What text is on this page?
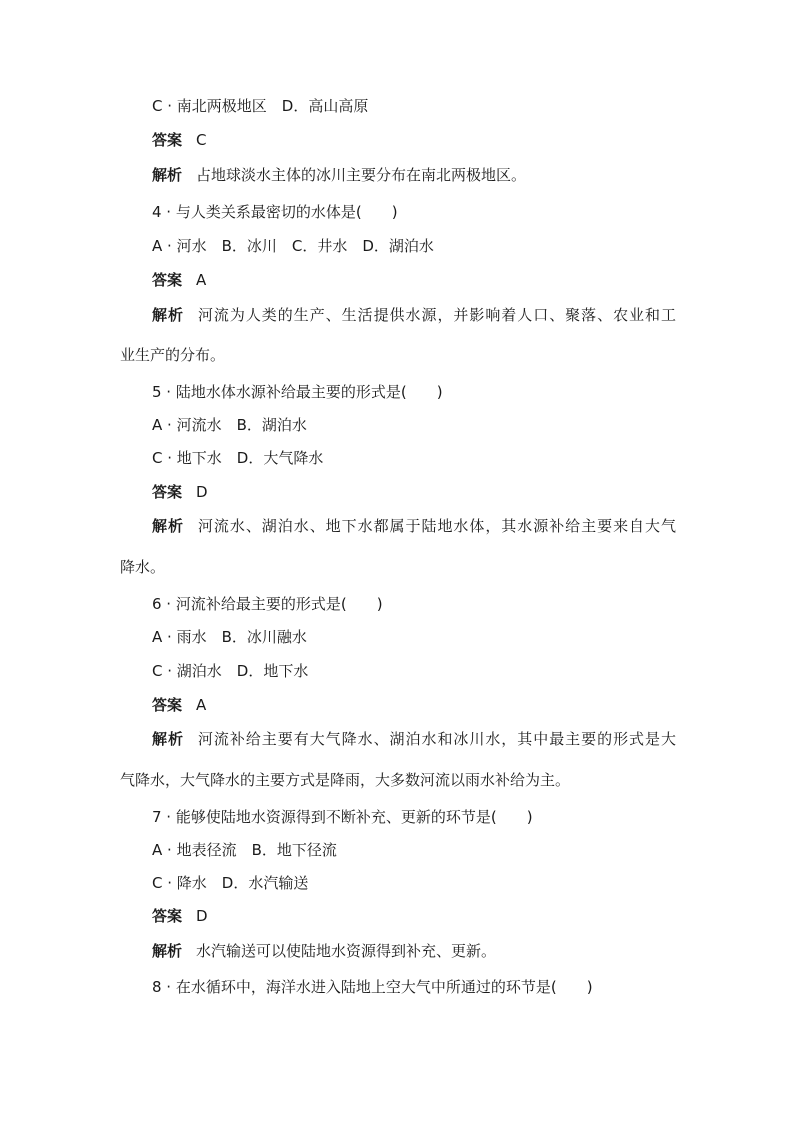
C · 南北两极地区　D．高山高原
答案 C
解析 占地球淡水主体的冰川主要分布在南北两极地区。
4 · 与人类关系最密切的水体是(　　)
A · 河水　B．冰川　C．井水　D．湖泊水
答案 A
解析 河流为人类的生产、生活提供水源，并影响着人口、聚落、农业和工
业生产的分布。
5 · 陆地水体水源补给最主要的形式是(　　)
A · 河流水　B．湖泊水
C · 地下水　D．大气降水
答案 D
解析 河流水、湖泊水、地下水都属于陆地水体，其水源补给主要来自大气
降水。
6 · 河流补给最主要的形式是(　　)
A · 雨水　B．冰川融水
C · 湖泊水　D．地下水
答案 A
解析 河流补给主要有大气降水、湖泊水和冰川水，其中最主要的形式是大
气降水，大气降水的主要方式是降雨，大多数河流以雨水补给为主。
7 · 能够使陆地水资源得到不断补充、更新的环节是(　　)
A · 地表径流　B．地下径流
C · 降水　D．水汽输送
答案 D
解析 水汽输送可以使陆地水资源得到补充、更新。
8 · 在水循环中，海洋水进入陆地上空大气中所通过的环节是(　　)
